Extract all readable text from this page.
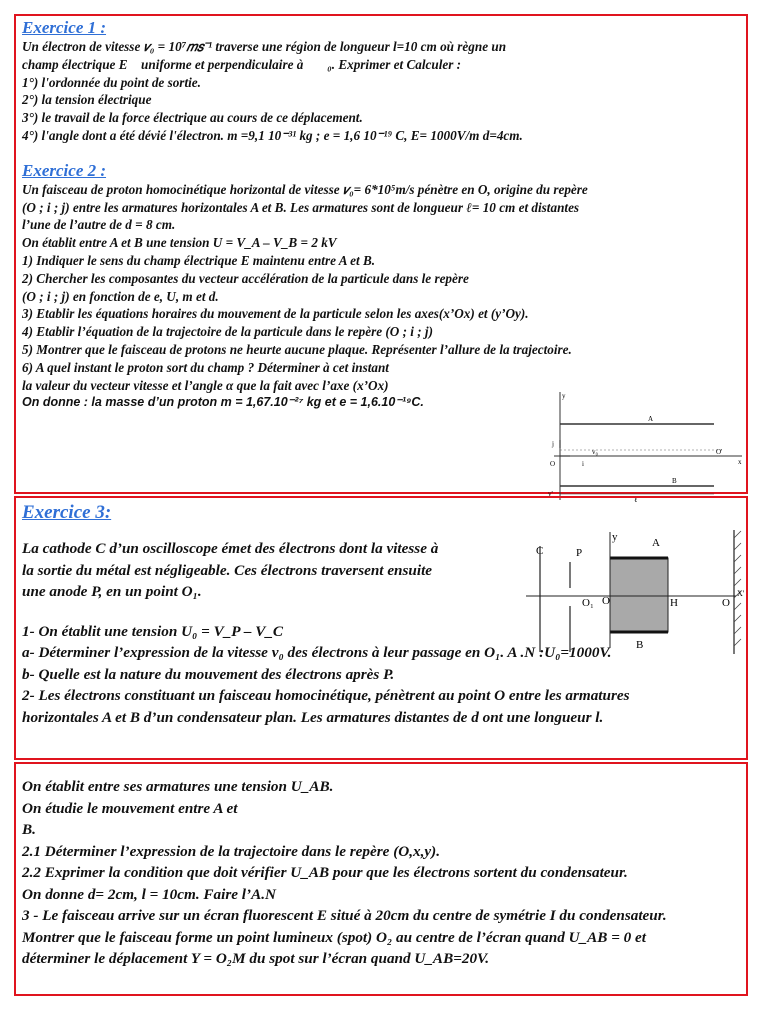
Exercice 1 :
Un électron de vitesse 𝑣₀ = 10⁷𝑚𝑠⁻¹ traverse une région de longueur l=10 cm où règne un
champ électrique E⃗ uniforme et perpendiculaire à 𝑣⃗₀. Exprimer et Calculer :
1°) l'ordonnée du point de sortie.
2°) la tension électrique
3°) le travail de la force électrique au cours de ce déplacement.
4°) l'angle dont a été dévié l'électron. m =9,1 10⁻³¹ kg ; e = 1,6 10⁻¹⁹ C, E= 1000V/m d=4cm.
Exercice 2 :
Un faisceau de proton homocinétique horizontal de vitesse 𝑣₀= 6*10⁵m/s pénètre en O, origine du repère
(O ; i ; j) entre les armatures horizontales A et B. Les armatures sont de longueur ℓ= 10 cm et distantes
l’une de l’autre de d = 8 cm.
On établit entre A et B une tension U = V_A – V_B = 2 kV
1) Indiquer le sens du champ électrique E maintenu entre A et B.
2) Chercher les composantes du vecteur accélération de la particule dans le repère
(O ; i ; j) en fonction de e, U, m et d.
3) Etablir les équations horaires du mouvement de la particule selon les axes(x’Ox) et (y’Oy).
4) Etablir l’équation de la trajectoire de la particule dans le repère (O ; i ; j)
5) Montrer que le faisceau de protons ne heurte aucune plaque. Représenter l’allure de la trajectoire.
6) A quel instant le proton sort du champ ? Déterminer à cet instant
la valeur du vecteur vitesse et l’angle α que la fait avec l’axe (x’Ox)
On donne : la masse d’un proton m = 1,67.10⁻²⁷ kg et e = 1,6.10⁻¹⁹C.	y
A
j
v₀
O
O'
x
i
B
y'
ℓ
Exercice 3:
La cathode C d’un oscilloscope émet des électrons dont la vitesse à
la sortie du métal est négligeable. Ces électrons traversent ensuite
une anode P, en un point O₁.
1- On établit une tension U₀ = V_P – V_C
a- Déterminer l’expression de la vitesse v₀ des électrons à leur passage en O₁. A .N :U₀=1000V.
b- Quelle est la nature du mouvement des électrons après P.
2- Les électrons constituant un faisceau homocinétique, pénètrent au point O entre les armatures
horizontales A et B d’un condensateur plan. Les armatures distantes de d ont une longueur l.
C	P
y	A
O₁ O	H	O
X'
B
On établit entre ses armatures une tension U_AB.
On étudie le mouvement entre A et
B.
2.1 Déterminer l’expression de la trajectoire dans le repère (O,x,y).
2.2 Exprimer la condition que doit vérifier U_AB pour que les électrons sortent du condensateur.
On donne d= 2cm, l = 10cm. Faire l’A.N
3 - Le faisceau arrive sur un écran fluorescent E situé à 20cm du centre de symétrie I du condensateur.
Montrer que le faisceau forme un point lumineux (spot) O₂ au centre de l’écran quand U_AB = 0 et
déterminer le déplacement Y = O₂M du spot sur l’écran quand U_AB=20V.
